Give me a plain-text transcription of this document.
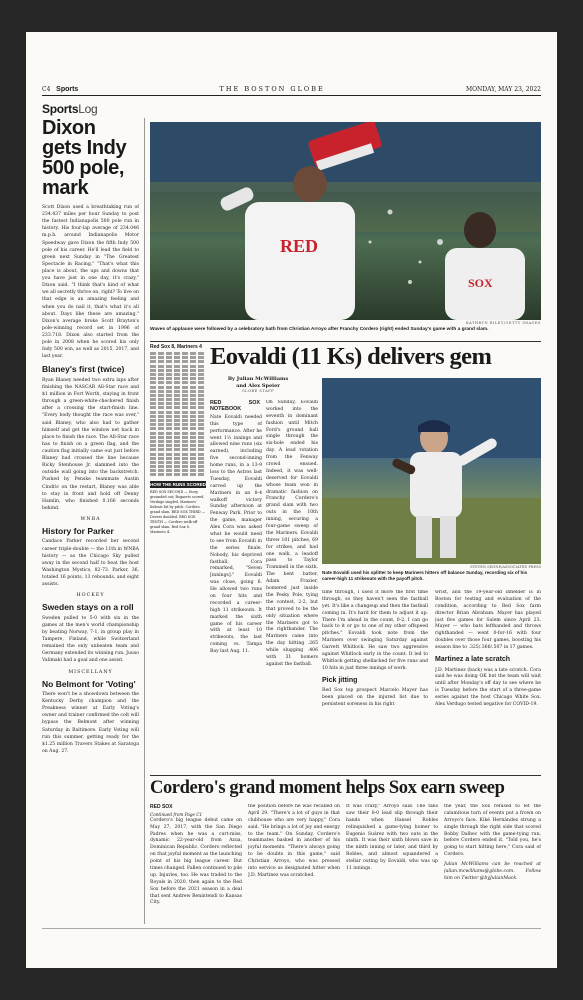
C4 Sports	THE BOSTON GLOBE	MONDAY, MAY 23, 2022
SportsLog
Dixon gets Indy 500 pole, mark

Scott Dixon used a breathtaking run of 234.437 miles per hour Sunday to post the fastest Indianapolis 500 pole run in history. His four-lap average of 234.046 m.p.h. around Indianapolis Motor Speedway gave Dixon the fifth Indy 500 pole of his career. He'll lead the field to green next Sunday in "The Greatest Spectacle in Racing." "That's what this place is about, the ups and downs that you have just in one day, it's crazy," Dixon said. "I think that's kind of what we all secretly thrive on, right? To live on that edge is an amazing feeling and when you do nail it, that's what it's all about. Days like these are amazing." Dixon's average broke Scott Brayton's pole-winning record set in 1996 of 233.718. Dixon also started from the pole in 2008 when he scored his only Indy 500 win, as well as 2015, 2017, and last year.

Blaney's first (twice)

Ryan Blaney needed two extra laps after finishing the NASCAR All-Star race and $1 million in Fort Worth, staying in front through a green-white-checkered finish after a crossing the start-finish line. "Every body thought the race was over," said Blaney, who also had to gather himself and get the window net back in place to finish the race. The All-Star race has to finish on a green flag, and the caution flag initially came out just before Blaney had crossed the line because Ricky Stenhouse Jr. slammed into the outside wall going into the backstretch. Pushed by Penske teammate Austin Cindric on the restart, Blaney was able to stay in front and hold off Denny Hamlin, who finished 0.166 seconds behind.

WNBA
History for Parker

Candace Parker recorded her second career triple-double — the 11th in WNBA history — as the Chicago Sky pulled away in the second half to beat the host Washington Mystics, 82-73. Parker, 36, totaled 16 points, 13 rebounds, and eight assists.

HOCKEY
Sweden stays on a roll

Sweden pulled to 5-0 with six in the games at the men's world championship by beating Norway, 7-1, in group play in Tampere, Finland, while Switzerland remained the only unbeaten team and Germany extended its winning run. Juuso Valimaki had a goal and one assist.

MISCELLANY
No Belmont for 'Voting'

There won't be a showdown between the Kentucky Derby champion and the Preakness winner at Early Voting's owner and trainer confirmed the colt will bypass the Belmont after winning Saturday in Baltimore. Early Voting will run this summer, getting ready for the $1.25 million Travers Stakes at Saratoga on Aug. 27.

RED
SOX
KATHRYN RILEY/GETTY IMAGES
Waves of applause were followed by a celebratory bath from Christian Arroyo after Franchy Cordero (right) ended Sunday's game with a grand slam.
Red Sox 8, Mariners 4
HOW THE RUNS SCORED
RED SOX SECOND — Story grounded out; Bogaerts scored. Verdugo singled. Mariners' Kelenic hit by pitch. Cordero grand slam. RED SOX THIRD — Devers doubled. RED SOX TENTH — Cordero walk-off grand slam. Red Sox 8, Mariners 4.
Eovaldi (11 Ks) delivers gem
By Julian McWilliams
and Alex Speier
GLOBE STAFF
RED SOX NOTEBOOK
Nate Eovaldi needed this type of performance. After he went 1⅔ innings and allowed nine runs (six earned), including five second-inning home runs, in a 13-9 loss to the Astros last Tuesday, Eovaldi carved up the Mariners in an 8-4 walkoff victory Sunday afternoon at Fenway Park. Prior to the game, manager Alex Cora was asked what he would need to see from Eovaldi in the series finale. Nobody, his deprived fastball, Cora remarked, "Seven [innings]." Eovaldi was close, going 6. He allowed two runs on four hits and recorded a career-high 11 strikeouts. It marked the sixth game of his career with at least 10 strikeouts, the last coming vs. Tampa Bay last Aug. 11.
On Sunday, Eovaldi worked into the seventh in dominant fashion until Mitch Ford's ground ball single through the six-hole ended his day. A lead rotation from the Fenway crowd ensued. Indeed, it was well-deserved for Eovaldi whose team won in dramatic fashion on Franchy Cordero's grand slam with two outs in the 10th inning, securing a four-game sweep of the Mariners. Eovaldi threw 101 pitches, 69 for strikes, and had one walk, a leadoff pass to Taylor Trammell in the sixth. The bent batter, Adam Frazier, homered just inside the Pesky Pole, tying the contest, 2-2, but that proved to be the only situation where the Mariners got to the righthander. The Mariners came into the day hitting .265 while slugging .406 with 31 homers against the fastball.
STEVEN SENNE/ASSOCIATED PRESS
Nate Eovaldi used his splitter to keep Mariners hitters off balance Sunday, recording six of his career-high 11 strikeouts with the payoff pitch.
time through, I used it more the first time through, so they haven't seen the fastball yet. It's like a changeup and then the fastball coming in. It's hard for them to adjust it up. There I'm ahead in the count, 0-2, I can go back to it or go to one of my other offspeed pitches." Eovaldi took note from the Mariners over swinging Saturday against Garrett Whitlock. He saw two aggressive against Whitlock early in the count. It led to Whitlock getting shellacked for five runs and 10 hits in just three innings of work.
Pick jitting
Red Sox top prospect Marcelo Mayer has been placed on the injured list due to persistent soreness in his right
wrist, and the 19-year-old infielder is in Boston for testing and evaluation of the condition, according to Red Sox farm director Brian Abraham. Mayer has played just five games for Salem since April 23. Mayer — who bats lefthanded and throws righthanded — went 0-for-16 with four doubles over those four games, boosting his season line to .325/.366/.507 in 17 games.
Martinez a late scratch
J.D. Martinez (back) was a late scratch. Cora said he was doing OK but the team will wait until after Monday's off day to see where he is Tuesday before the start of a three-game series against the host Chicago White Sox. Alex Verdugo tested negative for COVID-19.
Cordero's grand moment helps Sox earn sweep
RED SOX
Continued from Page C1
Cordero's big league debut came on May 27, 2017, with the San Diego Padres when he was a curt-miss, dynamic 22-year-old from Azua, Dominican Republic. Cordero reflected on that joyful moment as the launching point of his big league career. But times changed. Fallen continued to pile up. Injuries, too. He was traded to the Royals in 2020, then again to the Red Sox before the 2021 season in a deal that sent Andrew Benintendi to Kansas City.
the position before he was recalled on April 29. "There's a lot of guys in that clubhouse who are very happy," Cora said. "He brings a lot of joy and energy to the team." On Sunday, Cordero's teammates basked in another of his joyful moments. "There's always going to be doubts in this game," said Christian Arroyo, who was pressed into service as designated hitter when J.D. Martinez was scratched.
It was crazy," Arroyo said. The fans saw their 8-0 lead slip through their hands when Hansel Robles relinquished a game-tying homer to Eugenio Suárez with two outs in the ninth. It was their sixth blown save in the ninth inning or later, and third by Robles, and almost squandered a stellar outing by Eovaldi, who was up 11 innings.
the year, the Sox refused to let the calamitous turn of events put a frown on Arroyo's face. Kiké Hernández strung a single through the right side that scored Bobby Dalbec with the game-tying run, before Cordero ended it. "Told you, he's going to start hitting here," Cora said of Cordero.
Julian McWilliams can be reached at julian.mcwilliams@globe.com. Follow him on Twitter @byJulianMack.
